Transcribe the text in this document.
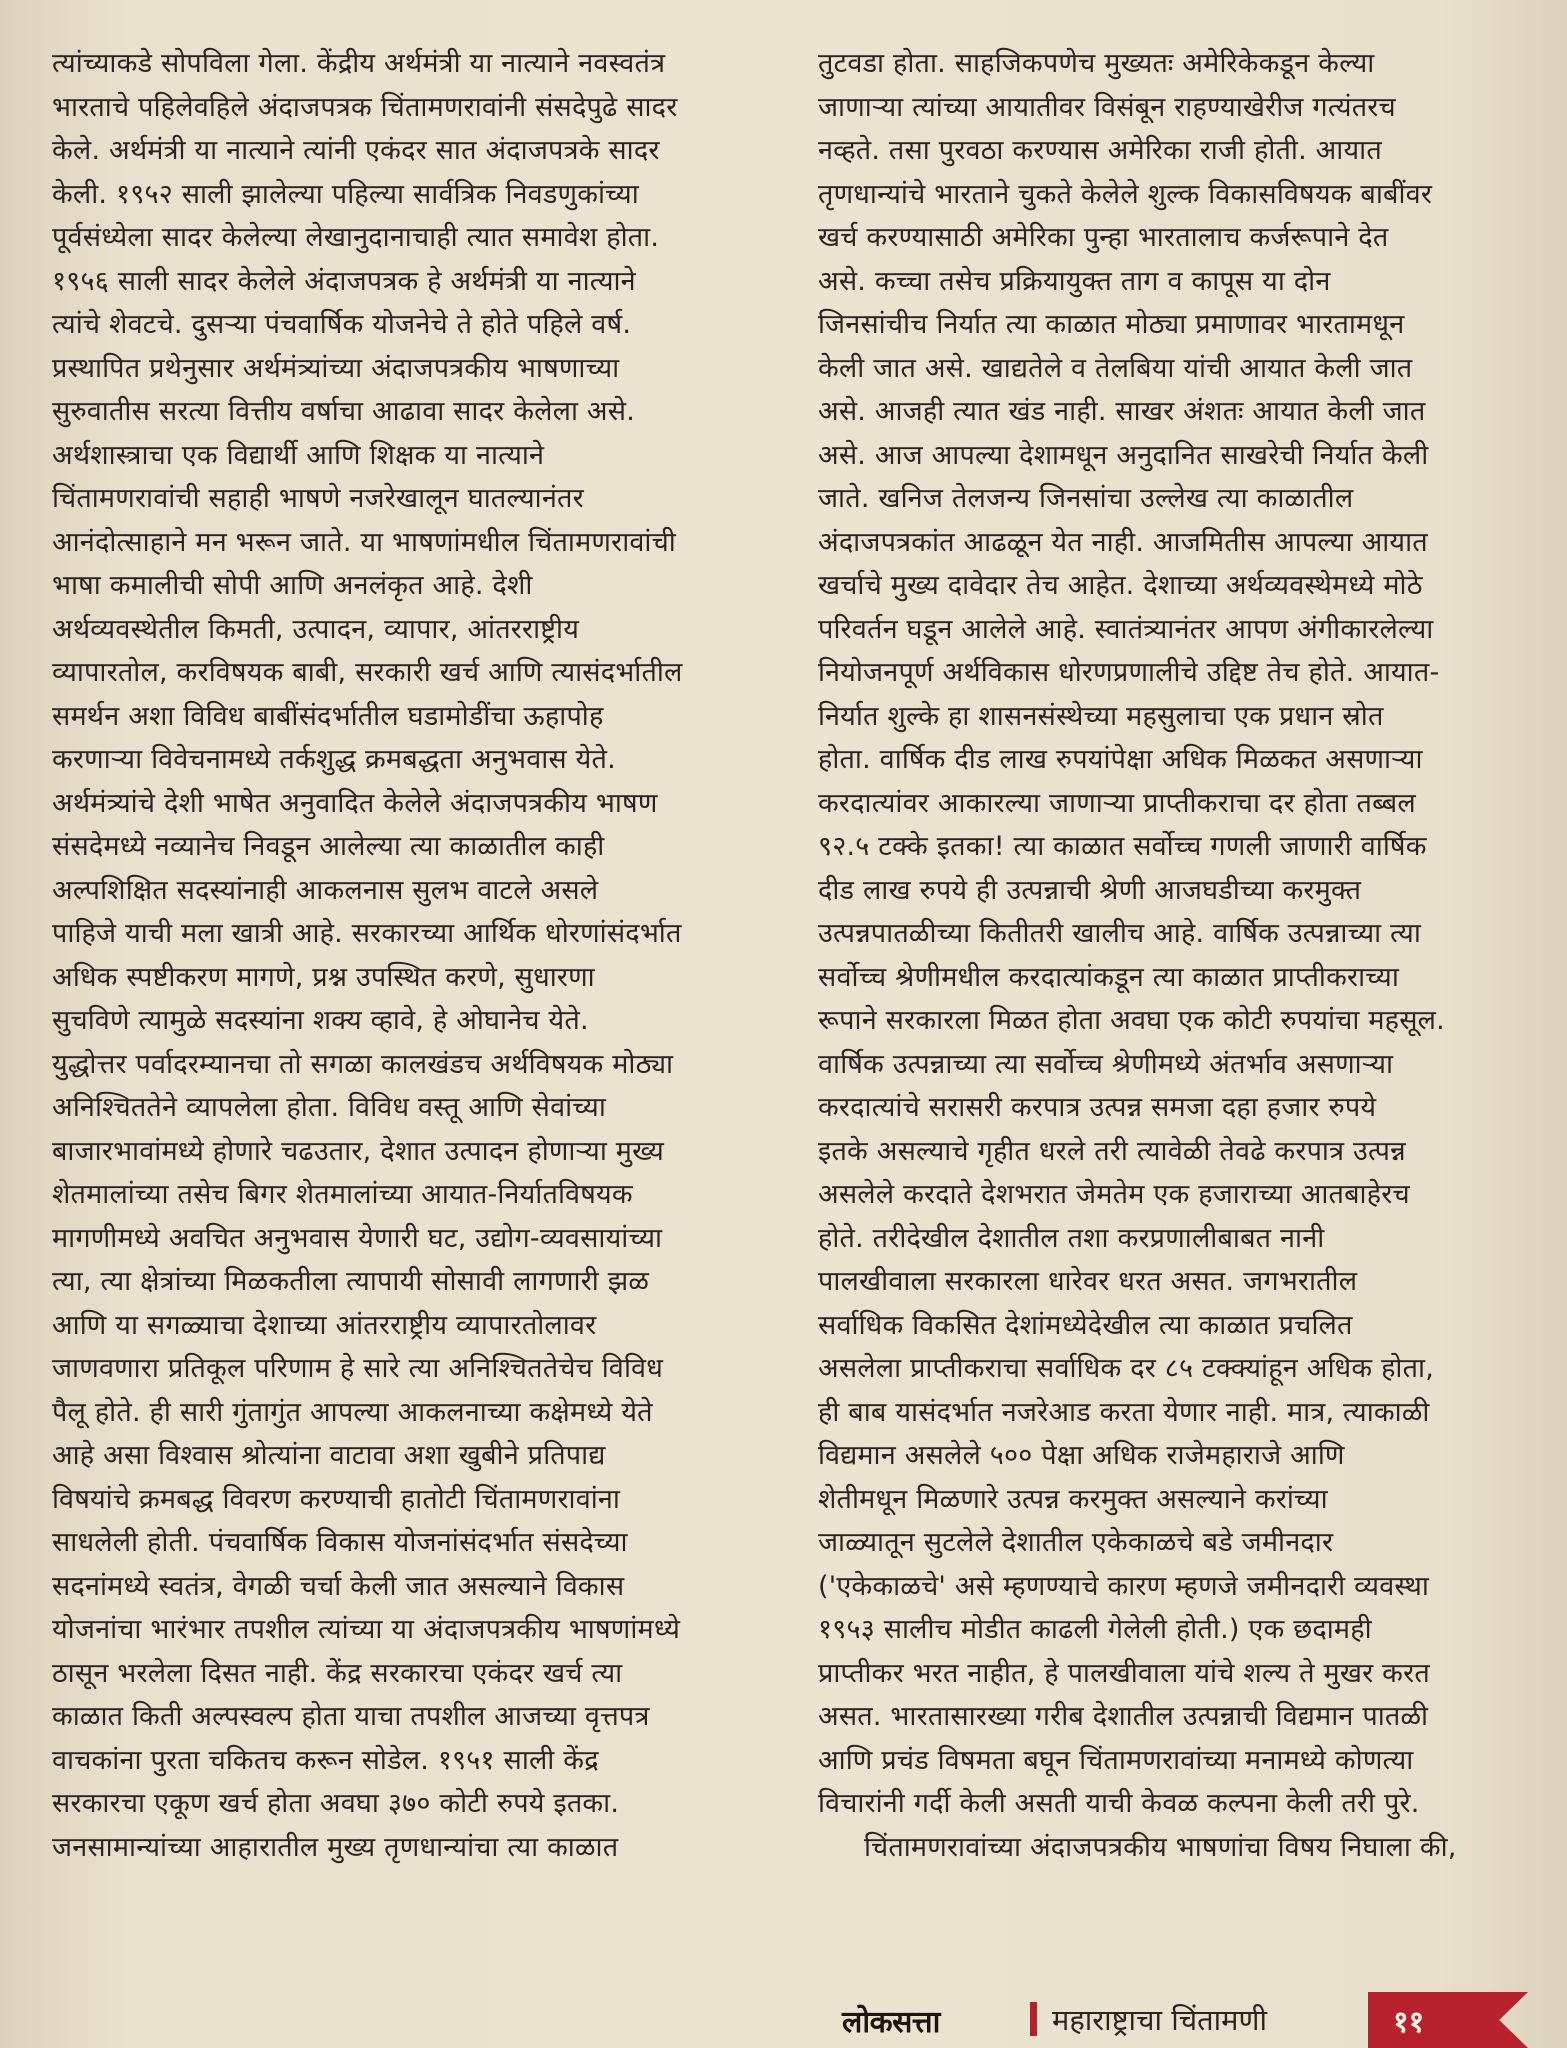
त्यांच्याकडे सोपविला गेला. केंद्रीय अर्थमंत्री या नात्याने नवस्वतंत्र
भारताचे पहिलेवहिले अंदाजपत्रक चिंतामणरावांनी संसदेपुढे सादर
केले. अर्थमंत्री या नात्याने त्यांनी एकंदर सात अंदाजपत्रके सादर
केली. १९५२ साली झालेल्या पहिल्या सार्वत्रिक निवडणुकांच्या
पूर्वसंध्येला सादर केलेल्या लेखानुदानाचाही त्यात समावेश होता.
१९५६ साली सादर केलेले अंदाजपत्रक हे अर्थमंत्री या नात्याने
त्यांचे शेवटचे. दुसऱ्या पंचवार्षिक योजनेचे ते होते पहिले वर्ष.
प्रस्थापित प्रथेनुसार अर्थमंत्र्यांच्या अंदाजपत्रकीय भाषणाच्या
सुरुवातीस सरत्या वित्तीय वर्षाचा आढावा सादर केलेला असे.
अर्थशास्त्राचा एक विद्यार्थी आणि शिक्षक या नात्याने
चिंतामणरावांची सहाही भाषणे नजरेखालून घातल्यानंतर
आनंदोत्साहाने मन भरून जाते. या भाषणांमधील चिंतामणरावांची
भाषा कमालीची सोपी आणि अनलंकृत आहे. देशी
अर्थव्यवस्थेतील किमती, उत्पादन, व्यापार, आंतरराष्ट्रीय
व्यापारतोल, करविषयक बाबी, सरकारी खर्च आणि त्यासंदर्भातील
समर्थन अशा विविध बाबींसंदर्भातील घडामोडींचा ऊहापोह
करणाऱ्या विवेचनामध्ये तर्कशुद्ध क्रमबद्धता अनुभवास येते.
अर्थमंत्र्यांचे देशी भाषेत अनुवादित केलेले अंदाजपत्रकीय भाषण
संसदेमध्ये नव्यानेच निवडून आलेल्या त्या काळातील काही
अल्पशिक्षित सदस्यांनाही आकलनास सुलभ वाटले असले
पाहिजे याची मला खात्री आहे. सरकारच्या आर्थिक धोरणांसंदर्भात
अधिक स्पष्टीकरण मागणे, प्रश्न उपस्थित करणे, सुधारणा
सुचविणे त्यामुळे सदस्यांना शक्य व्हावे, हे ओघानेच येते.
युद्धोत्तर पर्वादरम्यानचा तो सगळा कालखंडच अर्थविषयक मोठ्या
अनिश्चिततेने व्यापलेला होता. विविध वस्तू आणि सेवांच्या
बाजारभावांमध्ये होणारे चढउतार, देशात उत्पादन होणाऱ्या मुख्य
शेतमालांच्या तसेच बिगर शेतमालांच्या आयात-निर्यातविषयक
मागणीमध्ये अवचित अनुभवास येणारी घट, उद्योग-व्यवसायांच्या
त्या, त्या क्षेत्रांच्या मिळकतीला त्यापायी सोसावी लागणारी झळ
आणि या सगळ्याचा देशाच्या आंतरराष्ट्रीय व्यापारतोलावर
जाणवणारा प्रतिकूल परिणाम हे सारे त्या अनिश्चिततेचेच विविध
पैलू होते. ही सारी गुंतागुंत आपल्या आकलनाच्या कक्षेमध्ये येते
आहे असा विश्वास श्रोत्यांना वाटावा अशा खुबीने प्रतिपाद्य
विषयांचे क्रमबद्ध विवरण करण्याची हातोटी चिंतामणरावांना
साधलेली होती. पंचवार्षिक विकास योजनांसंदर्भात संसदेच्या
सदनांमध्ये स्वतंत्र, वेगळी चर्चा केली जात असल्याने विकास
योजनांचा भारंभार तपशील त्यांच्या या अंदाजपत्रकीय भाषणांमध्ये
ठासून भरलेला दिसत नाही. केंद्र सरकारचा एकंदर खर्च त्या
काळात किती अल्पस्वल्प होता याचा तपशील आजच्या वृत्तपत्र
वाचकांना पुरता चकितच करून सोडेल. १९५१ साली केंद्र
सरकारचा एकूण खर्च होता अवघा ३७० कोटी रुपये इतका.
जनसामान्यांच्या आहारातील मुख्य तृणधान्यांचा त्या काळात
तुटवडा होता. साहजिकपणेच मुख्यतः अमेरिकेकडून केल्या
जाणाऱ्या त्यांच्या आयातीवर विसंबून राहण्याखेरीज गत्यंतरच
नव्हते. तसा पुरवठा करण्यास अमेरिका राजी होती. आयात
तृणधान्यांचे भारताने चुकते केलेले शुल्क विकासविषयक बाबींवर
खर्च करण्यासाठी अमेरिका पुन्हा भारतालाच कर्जरूपाने देत
असे. कच्चा तसेच प्रक्रियायुक्त ताग व कापूस या दोन
जिनसांचीच निर्यात त्या काळात मोठ्या प्रमाणावर भारतामधून
केली जात असे. खाद्यतेले व तेलबिया यांची आयात केली जात
असे. आजही त्यात खंड नाही. साखर अंशतः आयात केली जात
असे. आज आपल्या देशामधून अनुदानित साखरेची निर्यात केली
जाते. खनिज तेलजन्य जिनसांचा उल्लेख त्या काळातील
अंदाजपत्रकांत आढळून येत नाही. आजमितीस आपल्या आयात
खर्चाचे मुख्य दावेदार तेच आहेत. देशाच्या अर्थव्यवस्थेमध्ये मोठे
परिवर्तन घडून आलेले आहे. स्वातंत्र्यानंतर आपण अंगीकारलेल्या
नियोजनपूर्ण अर्थविकास धोरणप्रणालीचे उद्दिष्ट तेच होते. आयात-
निर्यात शुल्के हा शासनसंस्थेच्या महसुलाचा एक प्रधान स्रोत
होता. वार्षिक दीड लाख रुपयांपेक्षा अधिक मिळकत असणाऱ्या
करदात्यांवर आकारल्या जाणाऱ्या प्राप्तीकराचा दर होता तब्बल
९२.५ टक्के इतका! त्या काळात सर्वोच्च गणली जाणारी वार्षिक
दीड लाख रुपये ही उत्पन्नाची श्रेणी आजघडीच्या करमुक्त
उत्पन्नपातळीच्या कितीतरी खालीच आहे. वार्षिक उत्पन्नाच्या त्या
सर्वोच्च श्रेणीमधील करदात्यांकडून त्या काळात प्राप्तीकराच्या
रूपाने सरकारला मिळत होता अवघा एक कोटी रुपयांचा महसूल.
वार्षिक उत्पन्नाच्या त्या सर्वोच्च श्रेणीमध्ये अंतर्भाव असणाऱ्या
करदात्यांचे सरासरी करपात्र उत्पन्न समजा दहा हजार रुपये
इतके असल्याचे गृहीत धरले तरी त्यावेळी तेवढे करपात्र उत्पन्न
असलेले करदाते देशभरात जेमतेम एक हजाराच्या आतबाहेरच
होते. तरीदेखील देशातील तशा करप्रणालीबाबत नानी
पालखीवाला सरकारला धारेवर धरत असत. जगभरातील
सर्वाधिक विकसित देशांमध्येदेखील त्या काळात प्रचलित
असलेला प्राप्तीकराचा सर्वाधिक दर ८५ टक्क्यांहून अधिक होता,
ही बाब यासंदर्भात नजरेआड करता येणार नाही. मात्र, त्याकाळी
विद्यमान असलेले ५०० पेक्षा अधिक राजेमहाराजे आणि
शेतीमधून मिळणारे उत्पन्न करमुक्त असल्याने करांच्या
जाळ्यातून सुटलेले देशातील एकेकाळचे बडे जमीनदार
('एकेकाळचे' असे म्हणण्याचे कारण म्हणजे जमीनदारी व्यवस्था
१९५३ सालीच मोडीत काढली गेलेली होती.) एक छदामही
प्राप्तीकर भरत नाहीत, हे पालखीवाला यांचे शल्य ते मुखर करत
असत. भारतासारख्या गरीब देशातील उत्पन्नाची विद्यमान पातळी
आणि प्रचंड विषमता बघून चिंतामणरावांच्या मनामध्ये कोणत्या
विचारांनी गर्दी केली असती याची केवळ कल्पना केली तरी पुरे.
चिंतामणरावांच्या अंदाजपत्रकीय भाषणांचा विषय निघाला की,
लोकसत्ता	महाराष्ट्राचा चिंतामणी	११
